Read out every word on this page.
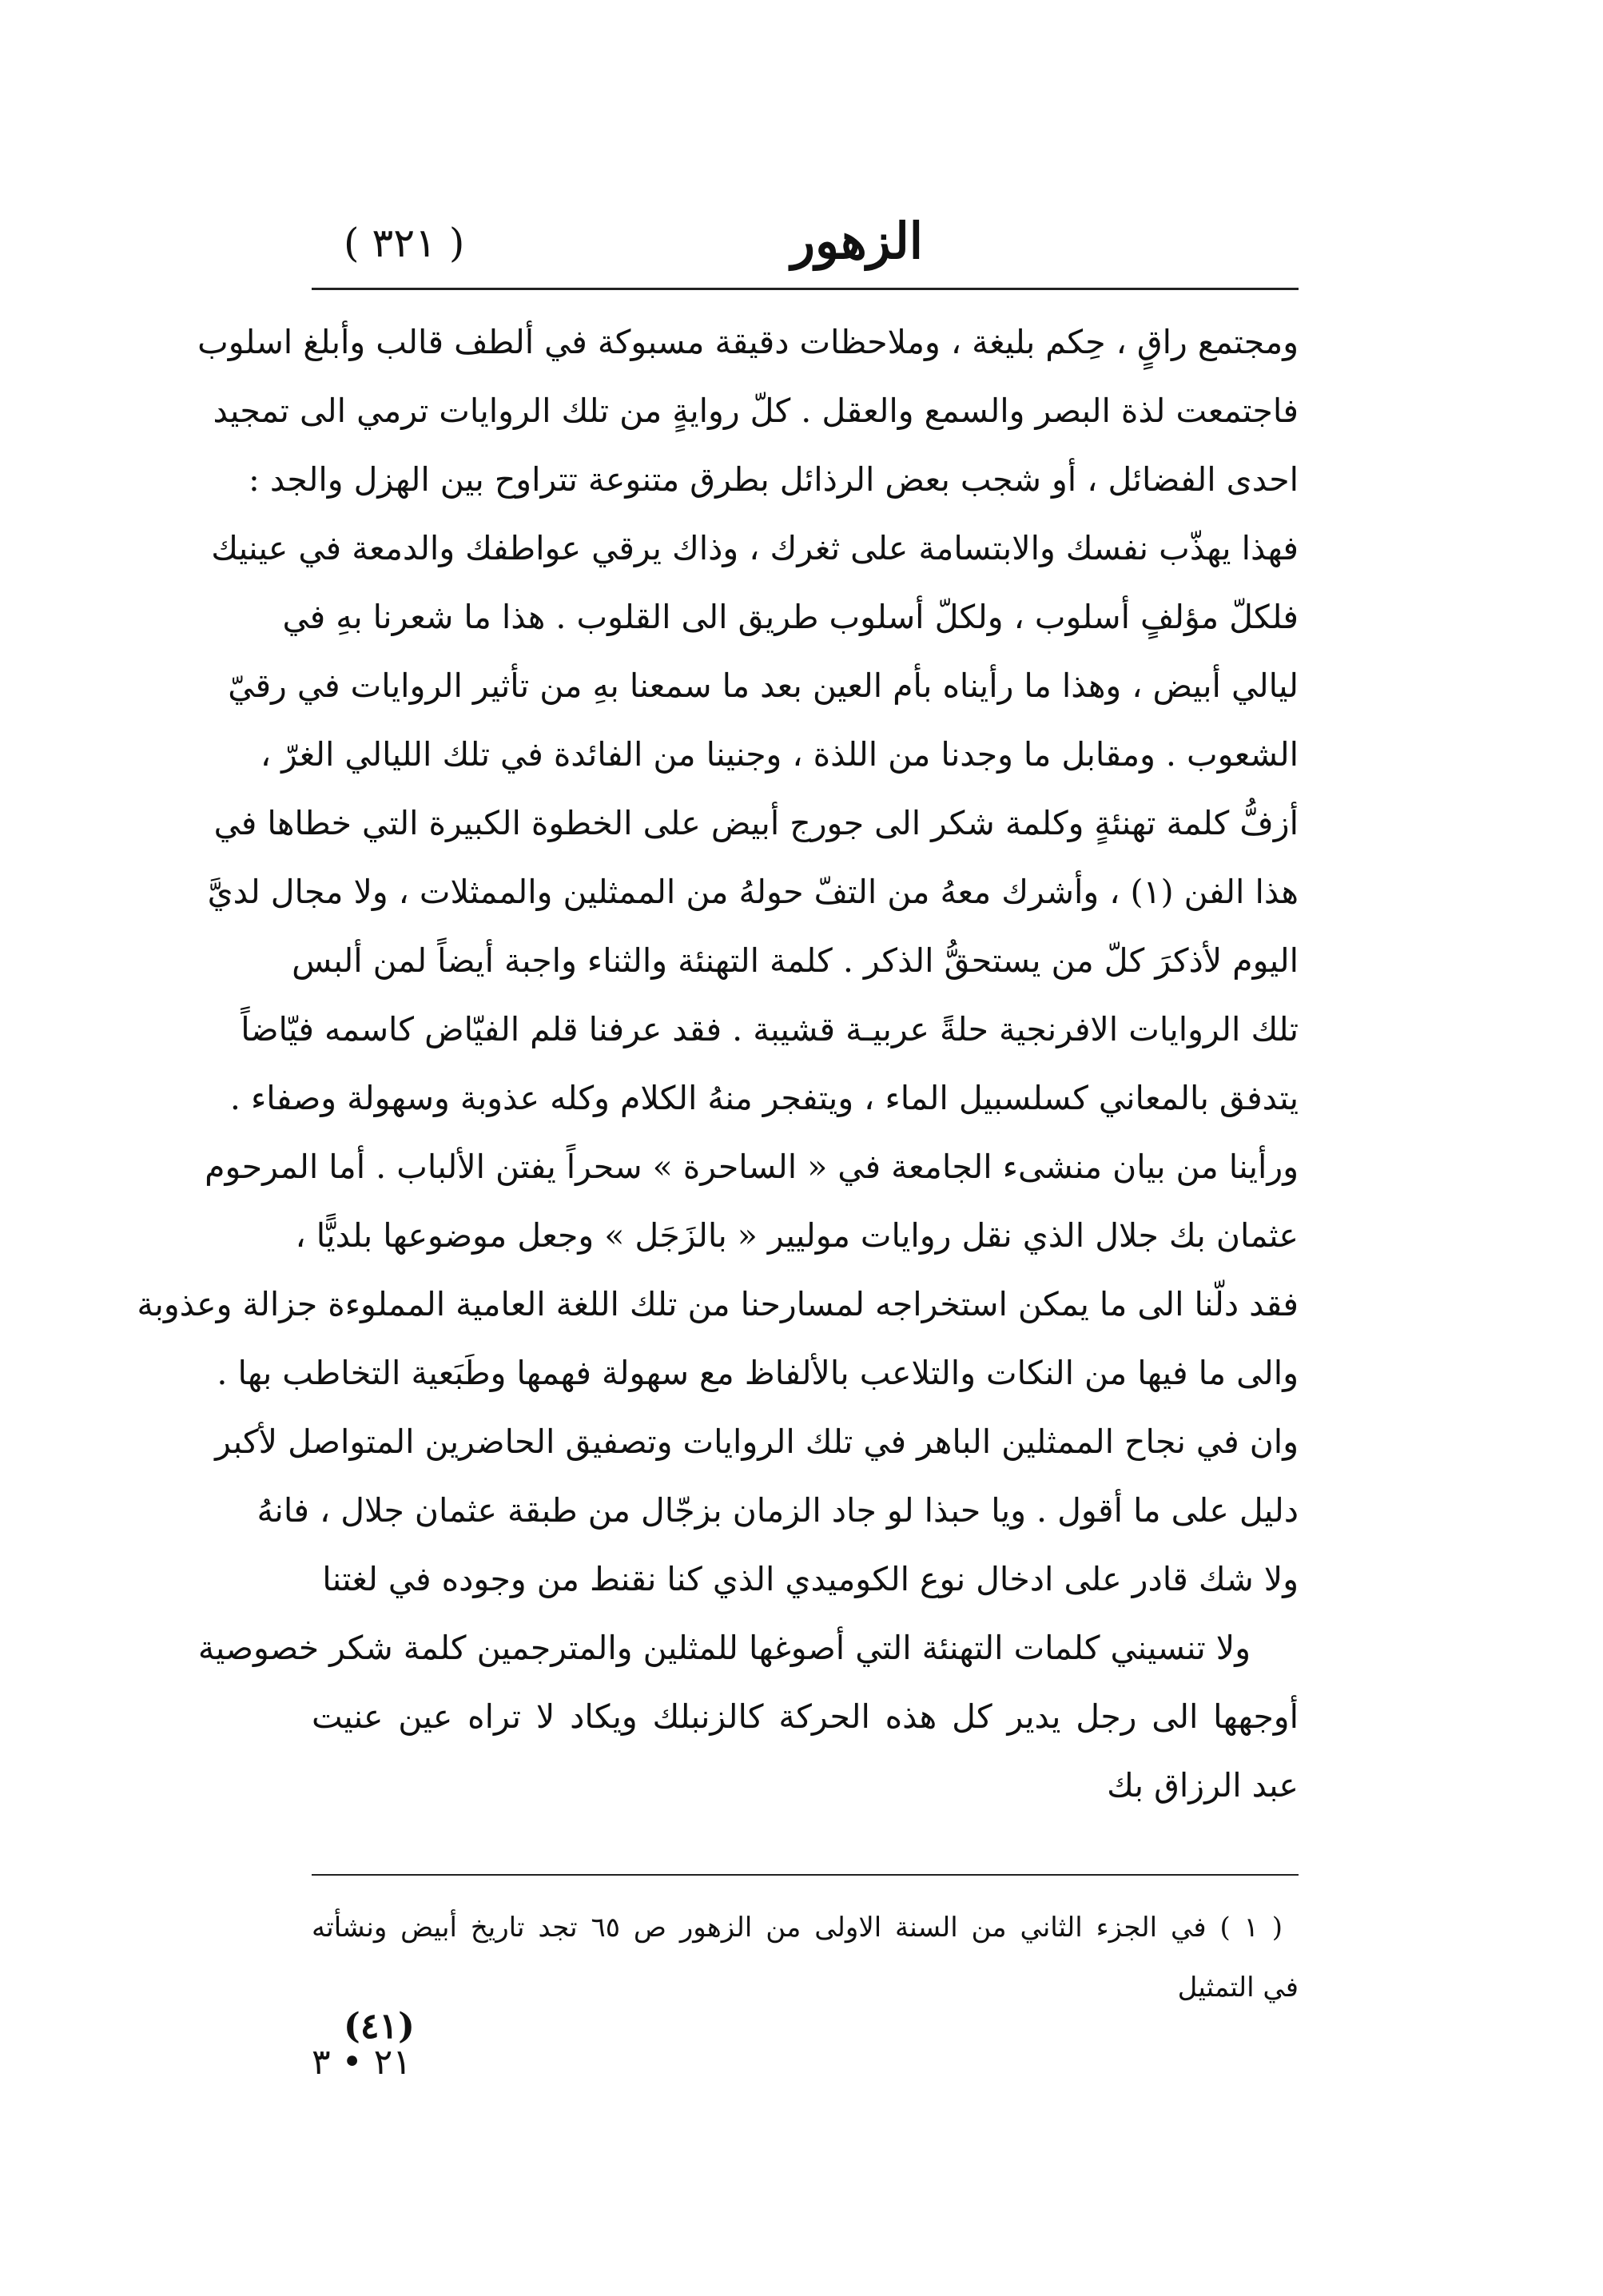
الزهور
( ٣٢١ )
ومجتمع راقٍ ، حِكم بليغة ، وملاحظات دقيقة مسبوكة في ألطف قالب وأبلغ اسلوب
فاجتمعت لذة البصر والسمع والعقل . كلّ روايةٍ من تلك الروايات ترمي الى تمجيد
احدى الفضائل ، أو شجب بعض الرذائل بطرق متنوعة تتراوح بين الهزل والجد :
فهذا يهذّب نفسك والابتسامة على ثغرك ، وذاك يرقي عواطفك والدمعة في عينيك
فلكلّ مؤلفٍ أسلوب ، ولكلّ أسلوب طريق الى القلوب . هذا ما شعرنا بهِ في
ليالي أبيض ، وهذا ما رأيناه بأم العين بعد ما سمعنا بهِ من تأثير الروايات في رقيّ
الشعوب . ومقابل ما وجدنا من اللذة ، وجنينا من الفائدة في تلك الليالي الغرّ ،
أزفُّ كلمة تهنئةٍ وكلمة شكر الى جورج أبيض على الخطوة الكبيرة التي خطاها في
هذا الفن (١) ، وأشرك معهُ من التفّ حولهُ من الممثلين والممثلات ، ولا مجال لديَّ
اليوم لأذكرَ كلّ من يستحقُّ الذكر . كلمة التهنئة والثناء واجبة أيضاً لمن ألبس
تلك الروايات الافرنجية حلةً عربيـة قشيبة . فقد عرفنا قلم الفيّاض كاسمه فيّاضاً
يتدفق بالمعاني كسلسبيل الماء ، ويتفجر منهُ الكلام وكله عذوبة وسهولة وصفاء .
ورأينا من بيان منشىء الجامعة في « الساحرة » سحراً يفتن الألباب . أما المرحوم
عثمان بك جلال الذي نقل روايات موليير « بالزَجَل » وجعل موضوعها بلديًّا ،
فقد دلّنا الى ما يمكن استخراجه لمسارحنا من تلك اللغة العامية المملوءة جزالة وعذوبة
والى ما فيها من النكات والتلاعب بالألفاظ مع سهولة فهمها وطَبَعية التخاطب بها .
وان في نجاح الممثلين الباهر في تلك الروايات وتصفيق الحاضرين المتواصل لأكبر
دليل على ما أقول . ويا حبذا لو جاد الزمان بزجّال من طبقة عثمان جلال ، فانهُ
ولا شك قادر على ادخال نوع الكوميدي الذي كنا نقنط من وجوده في لغتنا
ولا تنسيني كلمات التهنئة التي أصوغها للمثلين والمترجمين كلمة شكر خصوصية
أوجهها الى رجل يدير كل هذه الحركة كالزنبلك ويكاد لا تراه عين عنيت
عبد الرزاق بك
( ١ ) في الجزء الثاني من السنة الاولى من الزهور ص ٦٥ تجد تاريخ أبيض ونشأته
في التمثيل
(٤١)
٢١ • ٣
